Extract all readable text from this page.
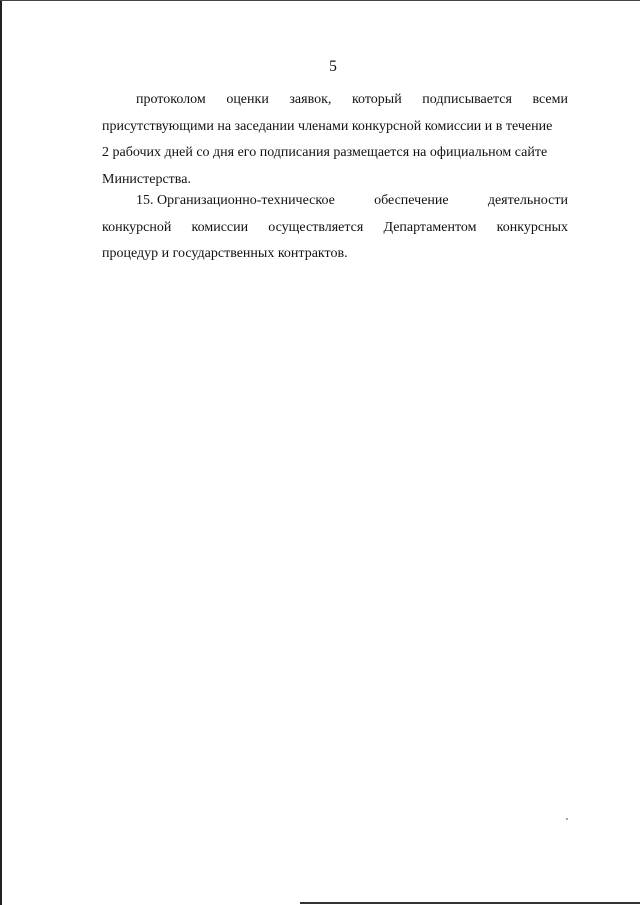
5
протоколом оценки заявок, который подписывается всеми
присутствующими на заседании членами конкурсной комиссии и в течение
2 рабочих дней со дня его подписания размещается на официальном сайте
Министерства.
15. Организационно-техническое	обеспечение	деятельности
конкурсной комиссии осуществляется Департаментом конкурсных
процедур и государственных контрактов.
